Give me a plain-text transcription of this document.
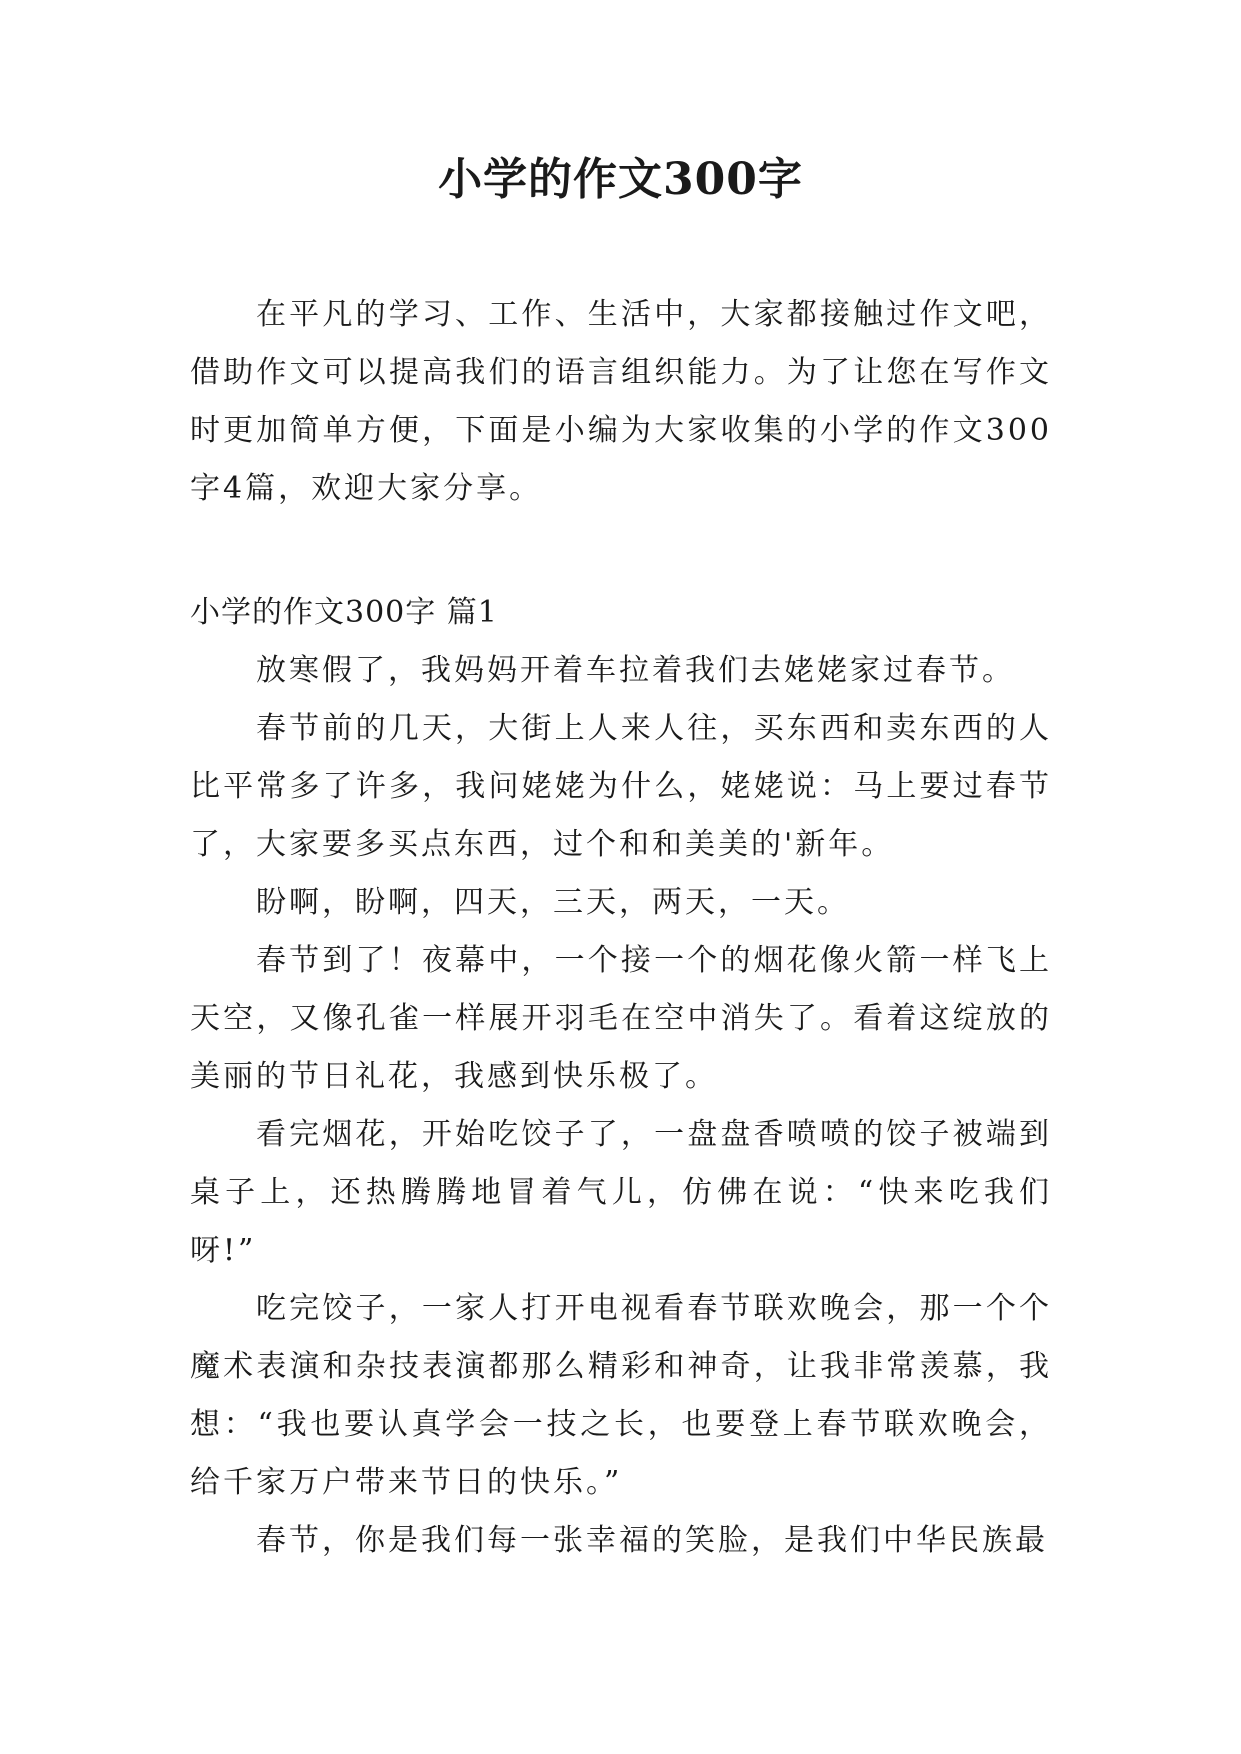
小学的作文300字

在平凡的学习、工作、生活中，大家都接触过作文吧，借助作文可以提高我们的语言组织能力。为了让您在写作文时更加简单方便，下面是小编为大家收集的小学的作文300字4篇，欢迎大家分享。

小学的作文300字 篇1

放寒假了，我妈妈开着车拉着我们去姥姥家过春节。

春节前的几天，大街上人来人往，买东西和卖东西的人比平常多了许多，我问姥姥为什么，姥姥说：马上要过春节了，大家要多买点东西，过个和和美美的'新年。

盼啊，盼啊，四天，三天，两天，一天。

春节到了！夜幕中，一个接一个的烟花像火箭一样飞上天空，又像孔雀一样展开羽毛在空中消失了。看着这绽放的美丽的节日礼花，我感到快乐极了。

看完烟花，开始吃饺子了，一盘盘香喷喷的饺子被端到桌子上，还热腾腾地冒着气儿，仿佛在说：“快来吃我们呀!”

吃完饺子，一家人打开电视看春节联欢晚会，那一个个魔术表演和杂技表演都那么精彩和神奇，让我非常羡慕，我想：“我也要认真学会一技之长，也要登上春节联欢晚会，给千家万户带来节日的快乐。”

春节，你是我们每一张幸福的笑脸，是我们中华民族最
